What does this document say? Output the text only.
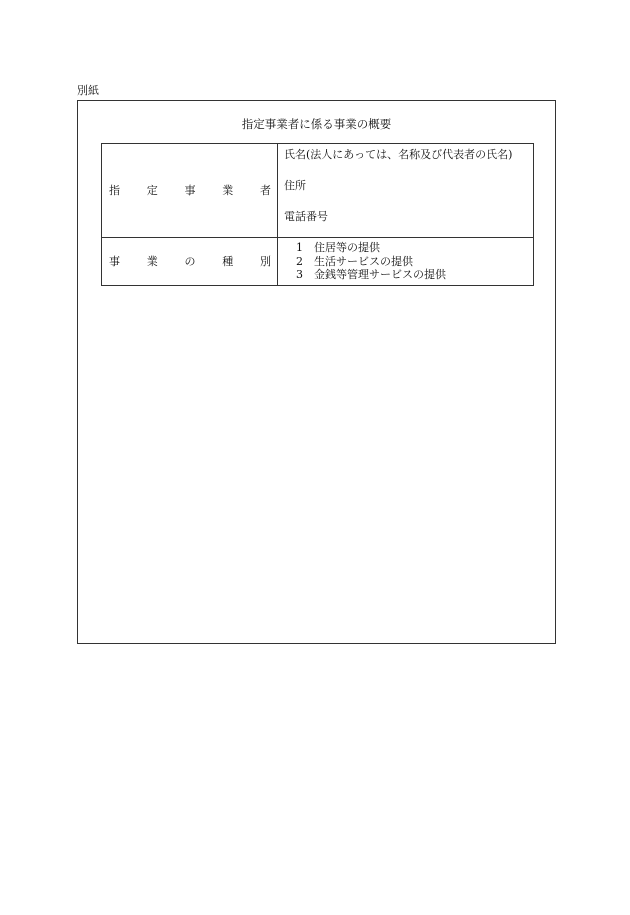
別紙
指定事業者に係る事業の概要
指 定 事 業 者	氏名(法人にあっては、名称及び代表者の氏名)
住所
電話番号

事 業 の 種 別	1 住居等の提供
2 生活サービスの提供
3 金銭等管理サービスの提供
